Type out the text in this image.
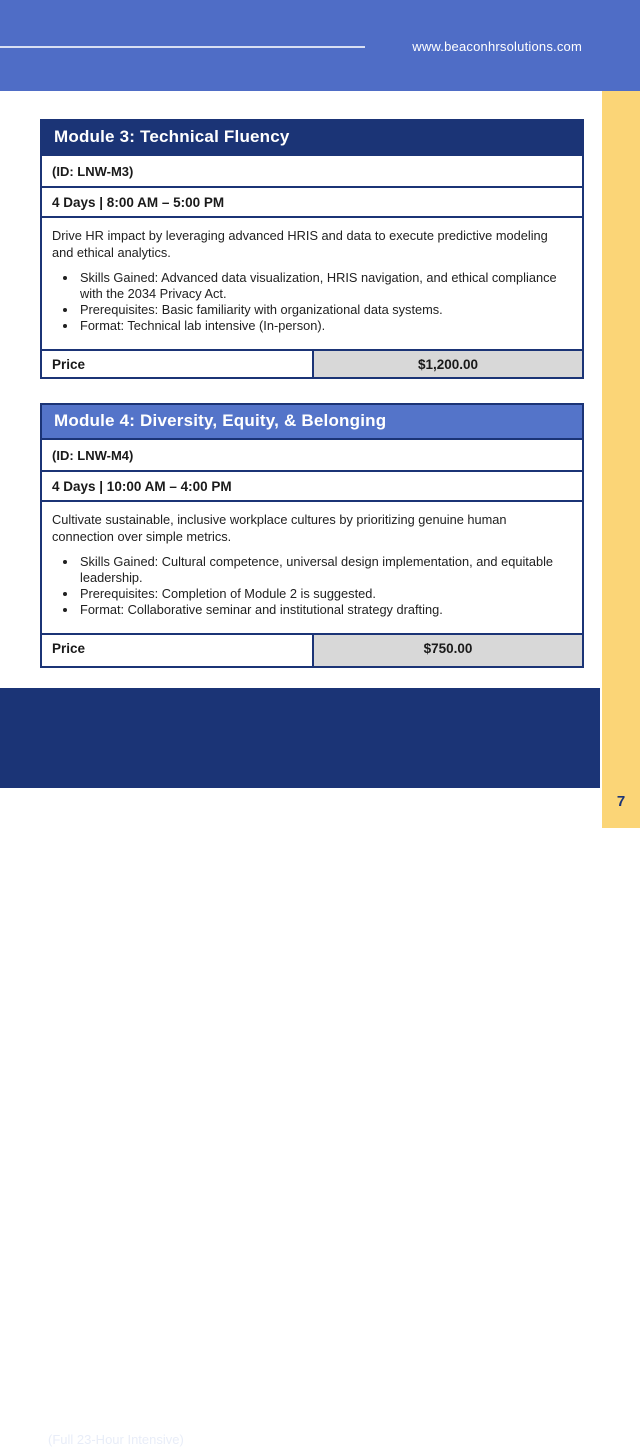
www.beaconhrsolutions.com
Module 3: Technical Fluency
(ID: LNW-M3)
4 Days | 8:00 AM – 5:00 PM
Drive HR impact by leveraging advanced HRIS and data to execute predictive modeling and ethical analytics.
• Skills Gained: Advanced data visualization, HRIS navigation, and ethical compliance with the 2034 Privacy Act.
• Prerequisites: Basic familiarity with organizational data systems.
• Format: Technical lab intensive (In-person).
Price	$1,200.00
Module 4: Diversity, Equity, & Belonging
(ID: LNW-M4)
4 Days | 10:00 AM – 4:00 PM
Cultivate sustainable, inclusive workplace cultures by prioritizing genuine human connection over simple metrics.
• Skills Gained: Cultural competence, universal design implementation, and equitable leadership.
• Prerequisites: Completion of Module 2 is suggested.
• Format: Collaborative seminar and institutional strategy drafting.
Price	$750.00
Total Certificate Investment
(Full 23-Hour Intensive)
$3,400.00
7
